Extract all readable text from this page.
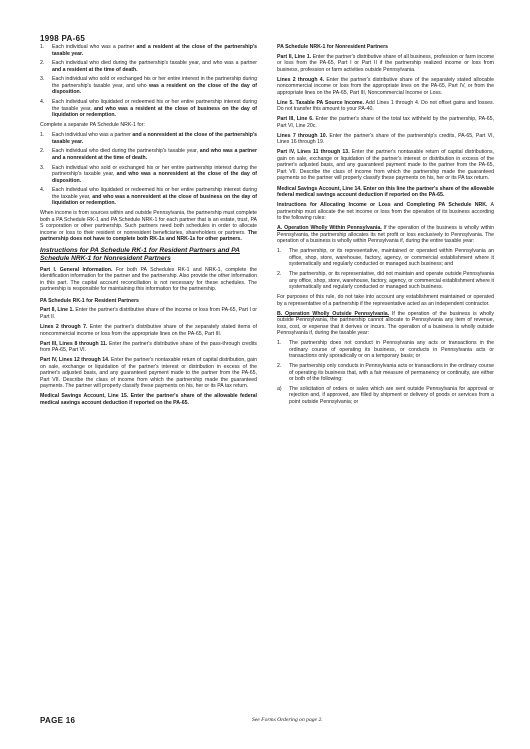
1998 PA-65
1. Each individual who was a partner and a resident at the close of the partnership's taxable year.
2. Each individual who died during the partnership's taxable year, and who was a partner and a resident at the time of death.
3. Each individual who sold or exchanged his or her entire interest in the partnership during the partnership's taxable year, and who was a resident on the close of the day of disposition.
4. Each individual who liquidated or redeemed his or her entire partnership interest during the taxable year, and who was a resident at the close of business on the day of liquidation or redemption.

Complete a separate PA Schedule NRK-1 for:

1. Each individual who was a partner and a nonresident at the close of the partnership's taxable year.
2. Each individual who died during the partnership's taxable year, and who was a partner and a nonresident at the time of death.
3. Each individual who sold or exchanged his or her entire partnership interest during the partnership's taxable year, and who was a nonresident at the close of the day of disposition.
4. Each individual who liquidated or redeemed his or her entire partnership interest during the taxable year, and who was a nonresident at the close of business on the day of liquidation or redemption.

When income is from sources within and outside Pennsylvania, the partnership must complete both a PA Schedule RK-1 and PA Schedule NRK-1 for each partner that is an estate, trust, PA S corporation or other partnership. Such partners need both schedules in order to allocate income or loss to their resident or nonresident beneficiaries, shareholders or partners. The partnership does not have to complete both RK-1s and NRK-1s for other partners.

Instructions for PA Schedule RK-1 for Resident Partners and PA Schedule NRK-1 for Nonresident Partners

Part I. General Information. For both PA Schedules RK-1 and NRK-1, complete the identification information for the partner and the partnership. Also provide the other information in this part. The capital account reconciliation is not necessary for these schedules. The partnership is responsible for maintaining this information for the partnership.

PA Schedule RK-1 for Resident Partners

Part II, Line 1. Enter the partner's distributive share of the income or loss from PA-65, Part I or Part II.

Lines 2 through 7. Enter the partner's distributive share of the separately stated items of noncommercial income or loss from the appropriate lines on the PA-65, Part III.

Part III, Lines 8 through 11. Enter the partner's distributive share of the pass-through credits from PA-65, Part VI.

Part IV, Lines 12 through 14. Enter the partner's nontaxable return of capital distribution, gain on sale, exchange or liquidation of the partner's interest or distribution in excess of the partner's adjusted basis, and any guaranteed payment made to the partner from the PA-65, Part VII. Describe the class of income from which the partnership made the guaranteed payments. The partner will properly classify these payments on his, her or its PA tax return.

Medical Savings Account, Line 15. Enter the partner's share of the allowable federal medical savings account deduction if reported on the PA-65.

PA Schedule NRK-1 for Nonresident Partners

Part II, Line 1. Enter the partner's distributive share of all business, profession or farm income or loss from the PA-65, Part I or Part II if the partnership realized income or loss from business, profession or farm activities outside Pennsylvania.

Lines 2 through 4. Enter the partner's distributive share of the separately stated allocable noncommercial income or loss from the appropriate lines on the PA-65, Part IV, or from the appropriate lines on the PA-65, Part III, Noncommercial Income or Loss.

Line 5. Taxable PA Source Income. Add Lines 1 through 4. Do not offset gains and losses. Do not transfer this amount to your PA-40.

Part III, Line 6. Enter the partner's share of the total tax withheld by the partnership, PA-65, Part VI, Line 20c.

Lines 7 through 10. Enter the partner's share of the partnership's credits, PA-65, Part VI, Lines 16 through 19.

Part IV, Lines 11 through 13. Enter the partner's nontaxable return of capital distributions, gain on sale, exchange or liquidation of the partner's interest or distribution in excess of the partner's adjusted basis, and any guaranteed payment made to the partner from the PA-65, Part VII. Describe the class of income from which the partnership made the guaranteed payments so the partner will properly classify these payments on his, her or its PA tax return.

Medical Savings Account, Line 14. Enter on this line the partner's share of the allowable federal medical savings account deduction if reported on the PA-65.

Instructions for Allocating Income or Loss and Completing PA Schedule NRK. A partnership must allocate the net income or loss from the operation of its business according to the following rules:

A. Operation Wholly Within Pennsylvania. If the operation of the business is wholly within Pennsylvania, the partnership allocates its net profit or loss exclusively to Pennsylvania. The operation of a business is wholly within Pennsylvania if, during the entire taxable year:

1. The partnership, or its representative, maintained or operated within Pennsylvania an office, shop, store, warehouse, factory, agency, or commercial establishment where it systematically and regularly conducted or managed such business; and
2. The partnership, or its representative, did not maintain and operate outside Pennsylvania any office, shop, store, warehouse, factory, agency, or commercial establishment where it systematically and regularly conducted or managed such business.

For purposes of this rule, do not take into account any establishment maintained or operated by a representative of a partnership if the representative acted as an independent contractor.

B. Operation Wholly Outside Pennsylvania. If the operation of the business is wholly outside Pennsylvania, the partnership cannot allocate to Pennsylvania any item of revenue, loss, cost, or expense that it derives or incurs. The operation of a business is wholly outside Pennsylvania if, during the taxable year:

1. The partnership does not conduct in Pennsylvania any acts or transactions in the ordinary course of operating its business, or conducts in Pennsylvania acts or transactions only sporadically or on a temporary basis; or
2. The partnership only conducts in Pennsylvania acts or transactions in the ordinary course of operating its business that, with a fair measure of permanency or continuity, are either or both of the following:
a) The solicitation of orders or sales which are sent outside Pennsylvania for approval or rejection and, if approved, are filled by shipment or delivery of goods or services from a point outside Pennsylvania; or
PAGE 16	See Forms Ordering on page 2.
